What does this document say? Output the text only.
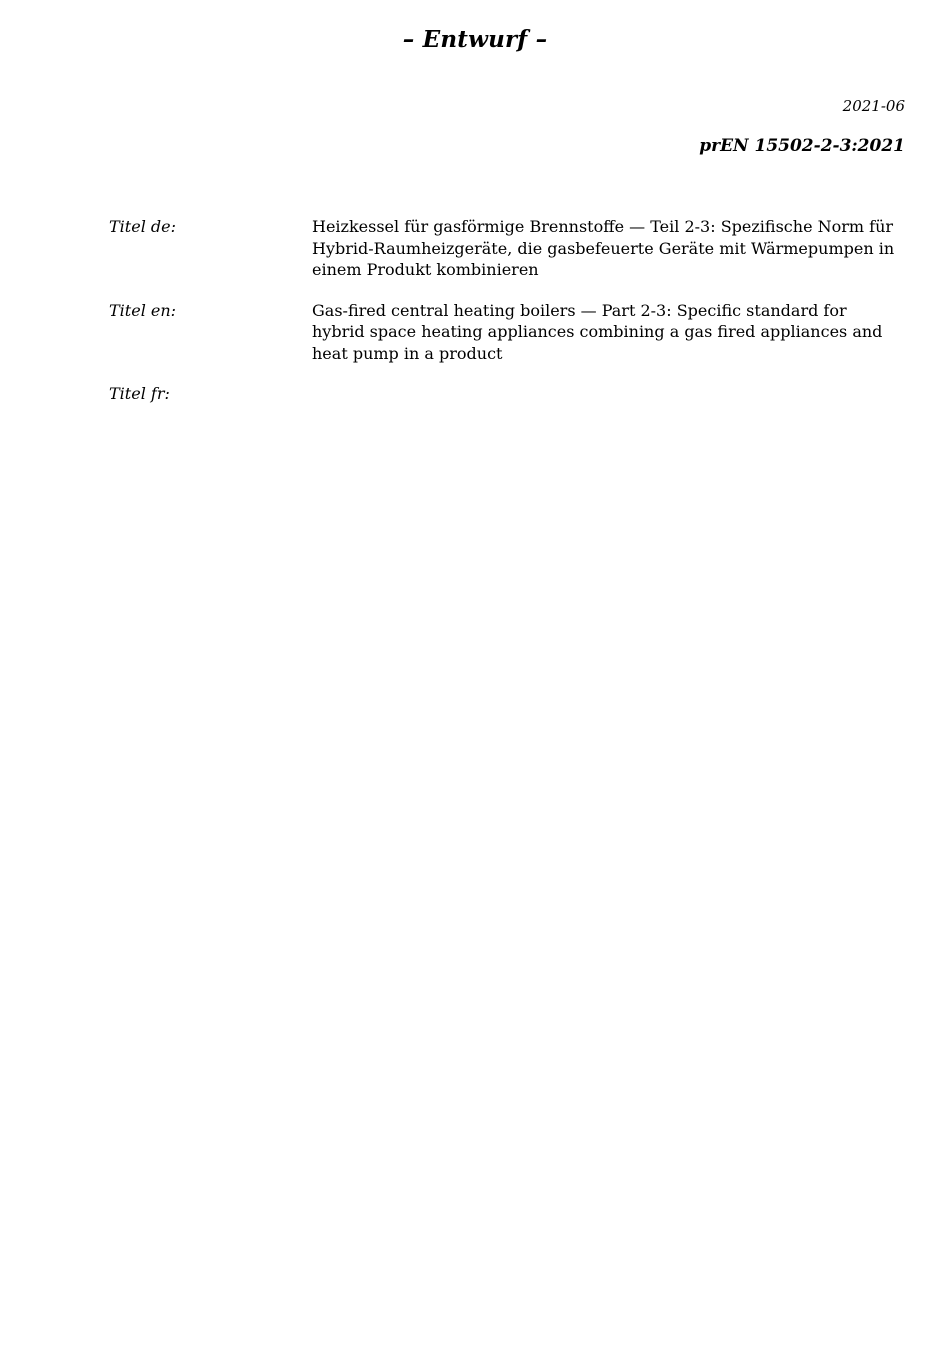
– Entwurf –
2021-06
prEN 15502-2-3:2021
Titel de:	Heizkessel für gasförmige Brennstoffe — Teil 2-3: Spezifische Norm für Hybrid-Raumheizgeräte, die gasbefeuerte Geräte mit Wärmepumpen in einem Produkt kombinieren
Titel en:	Gas-fired central heating boilers — Part 2-3: Specific standard for hybrid space heating appliances combining a gas fired appliances and heat pump in a product
Titel fr:
